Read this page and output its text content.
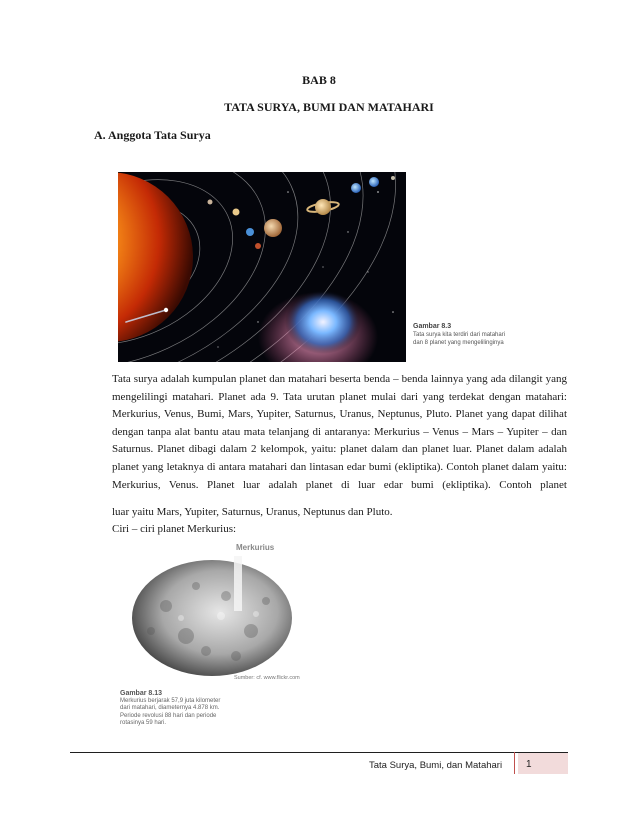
BAB 8
TATA SURYA, BUMI DAN MATAHARI
A. Anggota Tata Surya
Gambar 8.3
Tata surya kita terdiri dari matahari
dan 8 planet yang mengelilinginya
Tata surya adalah kumpulan planet dan matahari beserta benda – benda lainnya yang ada dilangit yang mengelilingi matahari. Planet ada 9. Tata urutan planet mulai dari yang terdekat dengan matahari: Merkurius, Venus, Bumi, Mars, Yupiter, Saturnus, Uranus, Neptunus, Pluto. Planet yang dapat dilihat dengan tanpa alat bantu atau mata telanjang di antaranya: Merkurius – Venus – Mars – Yupiter – dan Saturnus. Planet dibagi dalam 2 kelompok, yaitu: planet dalam dan planet luar. Planet dalam adalah planet yang letaknya di antara matahari dan lintasan edar bumi (ekliptika). Contoh planet dalam yaitu: Merkurius, Venus. Planet luar adalah planet di luar edar bumi (ekliptika). Contoh planet
luar yaitu Mars, Yupiter, Saturnus, Uranus, Neptunus dan Pluto.
Ciri – ciri planet Merkurius:
Merkurius
Sumber: cf. www.flickr.com
Gambar 8.13
Merkurius berjarak 57,9 juta kilometer
dari matahari, diameternya 4.878 km.
Periode revolusi 88 hari dan periode
rotasinya 59 hari.
Tata Surya, Bumi, dan Matahari	1
